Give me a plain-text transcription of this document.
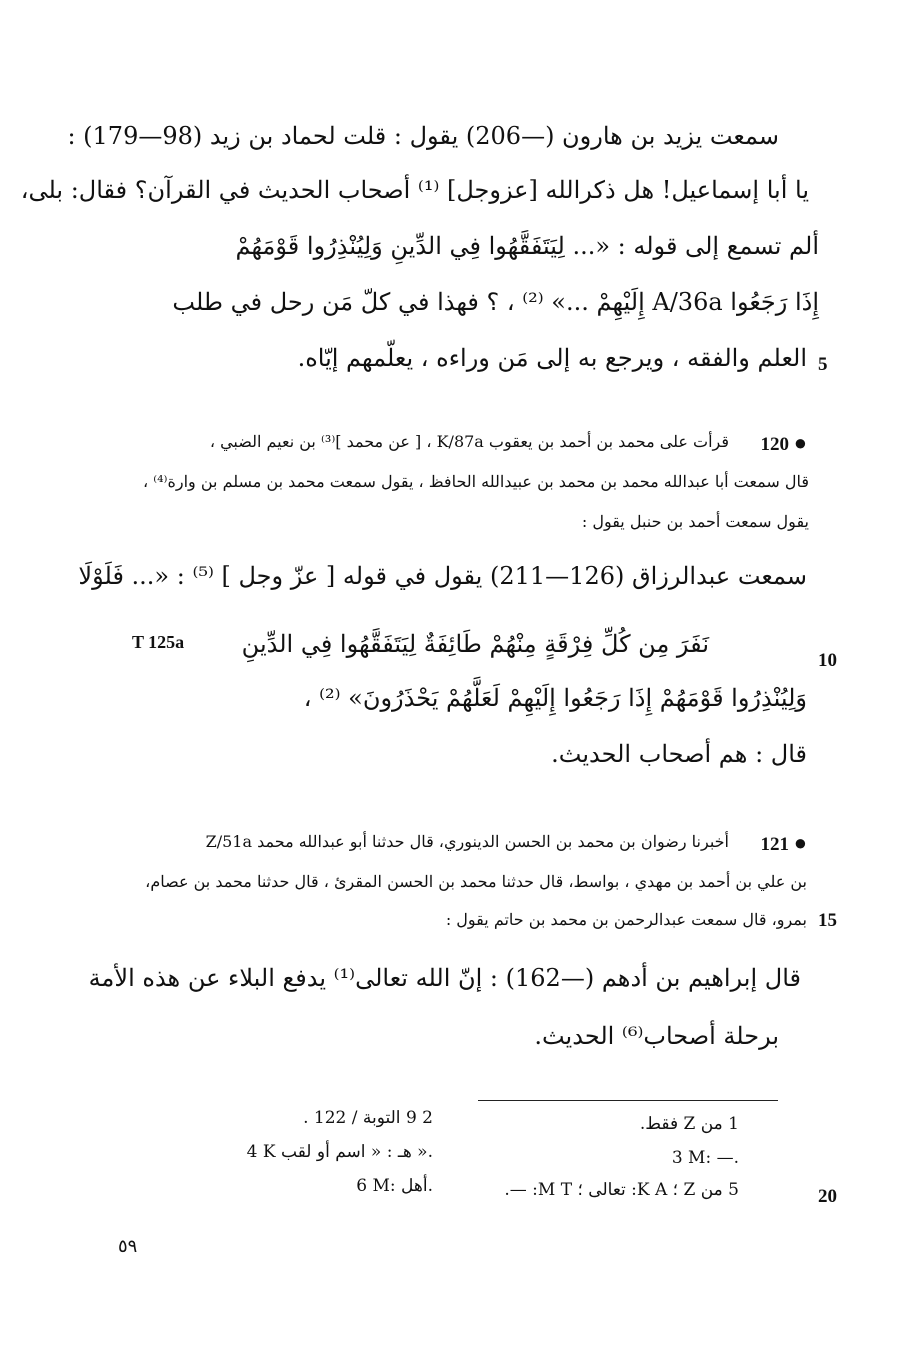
سمعت يزيد بن هارون (—206) يقول : قلت لحماد بن زيد (98—179) :
يا أبا إسماعيل! هل ذكرالله [عزوجل] ⁽¹⁾ أصحاب الحديث في القرآن؟ فقال: بلى،
ألم تسمع إلى قوله : «... لِيَتَفَقَّهُوا فِي الدِّينِ وَلِيُنْذِرُوا قَوْمَهُمْ
إِذَا رَجَعُوا A/36a إِلَيْهِمْ ...» ⁽²⁾ ، ؟ فهذا في كلّ مَن رحل في طلب
العلم والفقه ، ويرجع به إلى مَن وراءه ، يعلّمهم إيّاه. 5
قرأت على محمد بن أحمد بن يعقوب K/87a ، [ عن محمد ]⁽³⁾ بن نعيم الضبي ، 120 ●
قال سمعت أبا عبدالله محمد بن محمد بن عبيدالله الحافظ ، يقول سمعت محمد بن مسلم بن وارة⁽⁴⁾ ،
يقول سمعت أحمد بن حنبل يقول :
سمعت عبدالرزاق (126—211) يقول في قوله [ عزّ وجل ] ⁽⁵⁾ : «... فَلَوْلَا
نَفَرَ مِن كُلِّ فِرْقَةٍ مِنْهُمْ طَائِفَةٌ لِيَتَفَقَّهُوا فِي الدِّينِ
T 125a
10
وَلِيُنْذِرُوا قَوْمَهُمْ إِذَا رَجَعُوا إِلَيْهِمْ لَعَلَّهُمْ يَحْذَرُونَ» ⁽²⁾ ،
قال : هم أصحاب الحديث.
Z/51a أخبرنا رضوان بن محمد بن الحسن الدينوري، قال حدثنا أبو عبدالله محمد 121 ●
بن علي بن أحمد بن مهدي ، بواسط، قال حدثنا محمد بن الحسن المقرئ ، قال حدثنا محمد بن عصام،
بمرو، قال سمعت عبدالرحمن بن محمد بن حاتم يقول : 15
قال إبراهيم بن أدهم (—162) : إنّ الله تعالى⁽¹⁾ يدفع البلاء عن هذه الأمة
برحلة أصحاب⁽⁶⁾ الحديث.
1 من Z فقط.
3 M: —.
5 من Z ؛ K A: تعالى ؛ M T: —.
2 9 التوبة / 122 .
4 K هـ : « اسم أو لقب ».
6 M: أهل.	20
٥٩
